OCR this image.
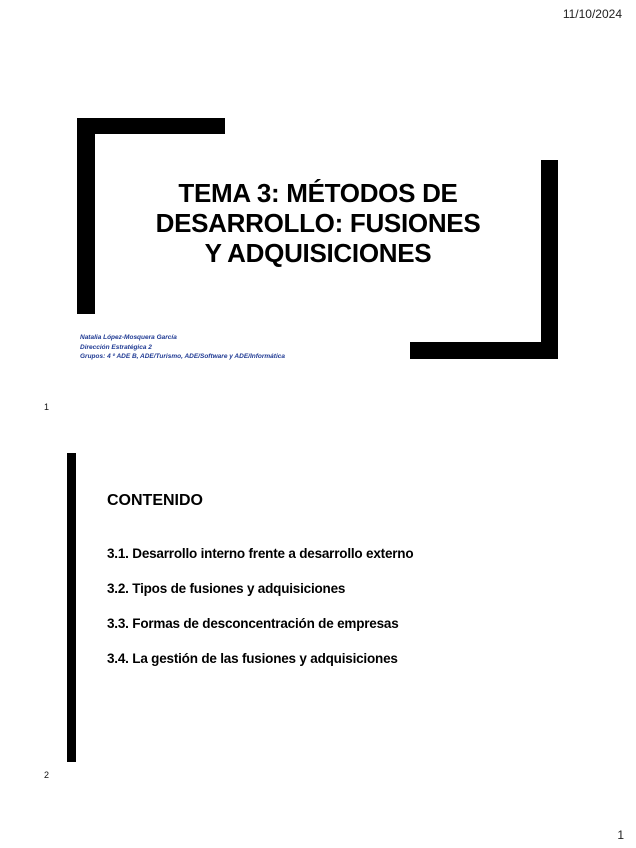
11/10/2024
TEMA 3: MÉTODOS DE
DESARROLLO: FUSIONES
Y ADQUISICIONES
Natalia López-Mosquera García
Dirección Estratégica 2
Grupos: 4 º ADE B, ADE/Turismo, ADE/Software y ADE/Informática
1
CONTENIDO
3.1. Desarrollo interno frente a desarrollo externo
3.2. Tipos de fusiones y adquisiciones
3.3. Formas de desconcentración de empresas
3.4. La gestión de las fusiones y adquisiciones
2
1
